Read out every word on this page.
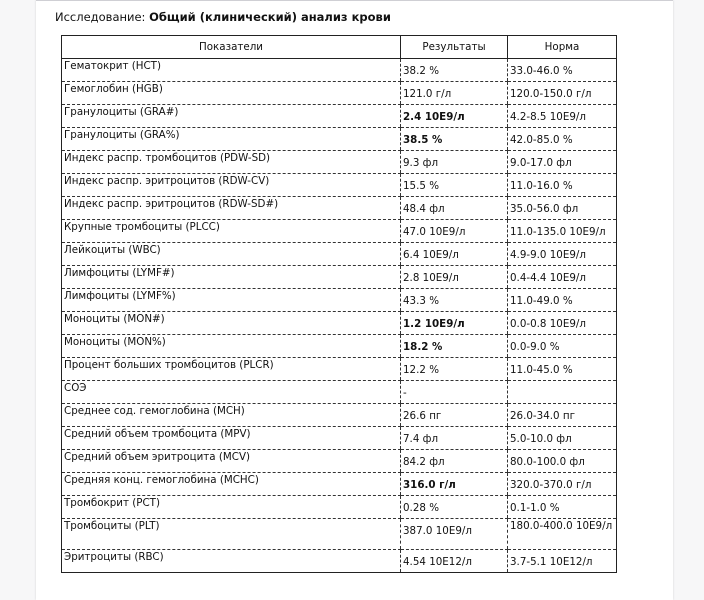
Исследование: Общий (клинический) анализ крови
Показатели	Результаты	Норма
Гематокрит (HCT)	38.2 %	33.0-46.0 %
Гемоглобин (HGB)	121.0 г/л	120.0-150.0 г/л
Гранулоциты (GRA#)	2.4 10E9/л	4.2-8.5 10E9/л
Гранулоциты (GRA%)	38.5 %	42.0-85.0 %
Индекс распр. тромбоцитов (PDW-SD)	9.3 фл	9.0-17.0 фл
Индекс распр. эритроцитов (RDW-CV)	15.5 %	11.0-16.0 %
Индекс распр. эритроцитов (RDW-SD#)	48.4 фл	35.0-56.0 фл
Крупные тромбоциты (PLCC)	47.0 10E9/л	11.0-135.0 10E9/л
Лейкоциты (WBC)	6.4 10E9/л	4.9-9.0 10E9/л
Лимфоциты (LYMF#)	2.8 10E9/л	0.4-4.4 10E9/л
Лимфоциты (LYMF%)	43.3 %	11.0-49.0 %
Моноциты (MON#)	1.2 10E9/л	0.0-0.8 10E9/л
Моноциты (MON%)	18.2 %	0.0-9.0 %
Процент больших тромбоцитов (PLCR)	12.2 %	11.0-45.0 %
СОЭ	-	
Среднее сод. гемоглобина (MCH)	26.6 пг	26.0-34.0 пг
Средний объем тромбоцита (MPV)	7.4 фл	5.0-10.0 фл
Средний объем эритроцита (MCV)	84.2 фл	80.0-100.0 фл
Средняя конц. гемоглобина (MCHC)	316.0 г/л	320.0-370.0 г/л
Тромбокрит (PCT)	0.28 %	0.1-1.0 %
Тромбоциты (PLT)	387.0 10E9/л	180.0-400.0 10E9/л
Эритроциты (RBC)	4.54 10E12/л	3.7-5.1 10E12/л
